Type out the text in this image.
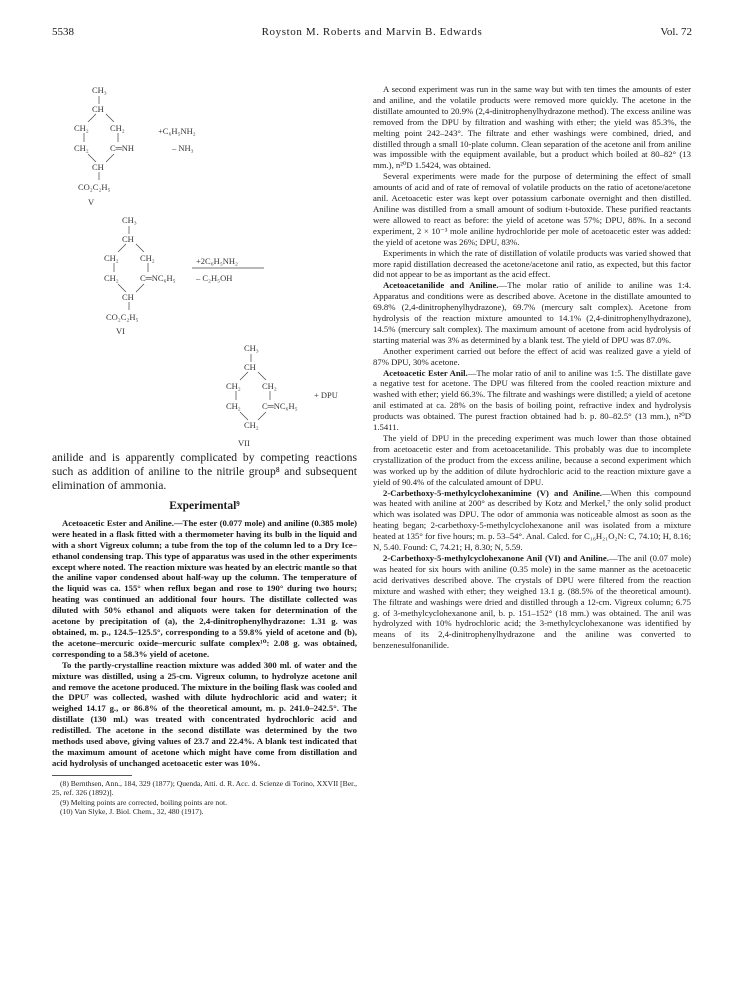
5538	Royston M. Roberts and Marvin B. Edwards	Vol. 72
CH₃
CH
CH₂ CH₂
CH₂ C═NH
CH
+C₆H₅NH₂
– NH₃
CO₂C₂H₅
V
CH₃
CH
CH₂ CH₂
CH₂ C═NC₆H₅
CH
+2C₆H₅NH₂
– C₂H₅OH
CO₂C₂H₅
VI
CH₃
CH
CH₂ CH₂
CH₂ C═NC₆H₅
CH₂
+ DPU
VII

anilide and is apparently complicated by competing reactions such as addition of aniline to the nitrile group⁸ and subsequent elimination of ammonia.

Experimental⁹

Acetoacetic Ester and Aniline.—The ester (0.077 mole) and aniline (0.385 mole) were heated in a flask fitted with a thermometer having its bulb in the liquid and with a short Vigreux column; a tube from the top of the column led to a Dry Ice–ethanol condensing trap. This type of apparatus was used in the other experiments except where noted. The reaction mixture was heated by an electric mantle so that the aniline vapor condensed about half-way up the column. The temperature of the liquid was ca. 155° when reflux began and rose to 190° during two hours; heating was continued an additional four hours. The distillate collected was diluted with 50% ethanol and aliquots were taken for determination of the acetone by precipitation of (a), the 2,4-dinitrophenylhydrazone: 1.31 g. was obtained, m. p., 124.5–125.5°, corresponding to a 59.8% yield of acetone and (b), the acetone–mercuric oxide–mercuric sulfate complex¹⁰: 2.08 g. was obtained, corresponding to a 58.3% yield of acetone.

To the partly-crystalline reaction mixture was added 300 ml. of water and the mixture was distilled, using a 25-cm. Vigreux column, to hydrolyze acetone anil and remove the acetone produced. The mixture in the boiling flask was cooled and the DPU⁷ was collected, washed with dilute hydrochloric acid and water; it weighed 14.17 g., or 86.8% of the theoretical amount, m. p. 241.0–242.5°. The distillate (130 ml.) was treated with concentrated hydrochloric acid and redistilled. The acetone in the second distillate was determined by the two methods used above, giving values of 23.7 and 22.4%. A blank test indicated that the maximum amount of acetone which might have come from distillation and acid hydrolysis of unchanged acetoacetic ester was 10%.

(8) Bernthsen, Ann., 184, 329 (1877); Quenda, Atti. d. R. Acc. d. Scienze di Torino, XXVII [Ber., 25, ref. 326 (1892)].
(9) Melting points are corrected, boiling points are not.
(10) Van Slyke, J. Biol. Chem., 32, 480 (1917).

A second experiment was run in the same way but with ten times the amounts of ester and aniline, and the volatile products were removed more quickly. The acetone in the distillate amounted to 20.9% (2,4-dinitrophenylhydrazone method). The excess aniline was removed from the DPU by filtration and washing with ether; the yield was 85.3%, the melting point 242–243°. The filtrate and ether washings were combined, dried, and distilled through a small 10-plate column. Clean separation of the acetone anil from aniline was impossible with the equipment available, but a product which boiled at 80–82° (13 mm.), n²⁰D 1.5424, was obtained.

Several experiments were made for the purpose of determining the effect of small amounts of acid and of rate of removal of volatile products on the ratio of acetone/acetone anil. Acetoacetic ester was kept over potassium carbonate overnight and then distilled. Aniline was distilled from a small amount of sodium t-butoxide. These purified reactants were allowed to react as before: the yield of acetone was 57%; DPU, 88%. In a second experiment, 2 × 10⁻³ mole aniline hydrochloride per mole of acetoacetic ester was added: the yield of acetone was 26%; DPU, 83%.

Experiments in which the rate of distillation of volatile products was varied showed that more rapid distillation decreased the acetone/acetone anil ratio, as expected, but this factor did not appear to be as important as the acid effect.

Acetoacetanilide and Aniline.—The molar ratio of anilide to aniline was 1:4. Apparatus and conditions were as described above. Acetone in the distillate amounted to 69.8% (2,4-dinitrophenylhydrazone), 69.7% (mercury salt complex). Acetone from hydrolysis of the reaction mixture amounted to 14.1% (2,4-dinitrophenylhydrazone), 14.5% (mercury salt complex). The maximum amount of acetone from acid hydrolysis of starting material was 3% as determined by a blank test. The yield of DPU was 87.0%.

Another experiment carried out before the effect of acid was realized gave a yield of 87% DPU, 30% acetone.

Acetoacetic Ester Anil.—The molar ratio of anil to aniline was 1:5. The distillate gave a negative test for acetone. The DPU was filtered from the cooled reaction mixture and washed with ether; yield 66.3%. The filtrate and washings were distilled; a yield of acetone anil estimated at ca. 28% on the basis of boiling point, refractive index and hydrolysis products was obtained. The purest fraction obtained had b. p. 80–82.5° (13 mm.), n²⁰D 1.5411.

The yield of DPU in the preceding experiment was much lower than those obtained from acetoacetic ester and from acetoacetanilide. This probably was due to incomplete crystallization of the product from the excess aniline, because a second experiment which was worked up by the addition of dilute hydrochloric acid to the reaction mixture gave a yield of 90.4% of the calculated amount of DPU.

2-Carbethoxy-5-methylcyclohexanimine (V) and Aniline.—When this compound was heated with aniline at 200° as described by Kotz and Merkel,⁷ the only solid product which was isolated was DPU. The odor of ammonia was noticeable almost as soon as the heating began; 2-carbethoxy-5-methylcyclohexanone anil was isolated from a mixture heated at 135° for five hours; m. p. 53–54°. Anal. Calcd. for C₁₆H₂₁O₂N: C, 74.10; H, 8.16; N, 5.40. Found: C, 74.21; H, 8.30; N, 5.59.

2-Carbethoxy-5-methylcyclohexanone Anil (VI) and Aniline.—The anil (0.07 mole) was heated for six hours with aniline (0.35 mole) in the same manner as the acetoacetic acid derivatives described above. The crystals of DPU were filtered from the reaction mixture and washed with ether; they weighed 13.1 g. (88.5% of the theoretical amount). The filtrate and washings were dried and distilled through a 12-cm. Vigreux column; 6.75 g. of 3-methylcyclohexanone anil, b. p. 151–152° (18 mm.) was obtained. The anil was hydrolyzed with 10% hydrochloric acid; the 3-methylcyclohexanone was identified by means of its 2,4-dinitrophenylhydrazone and the aniline was converted to benzenesulfonanilide.
